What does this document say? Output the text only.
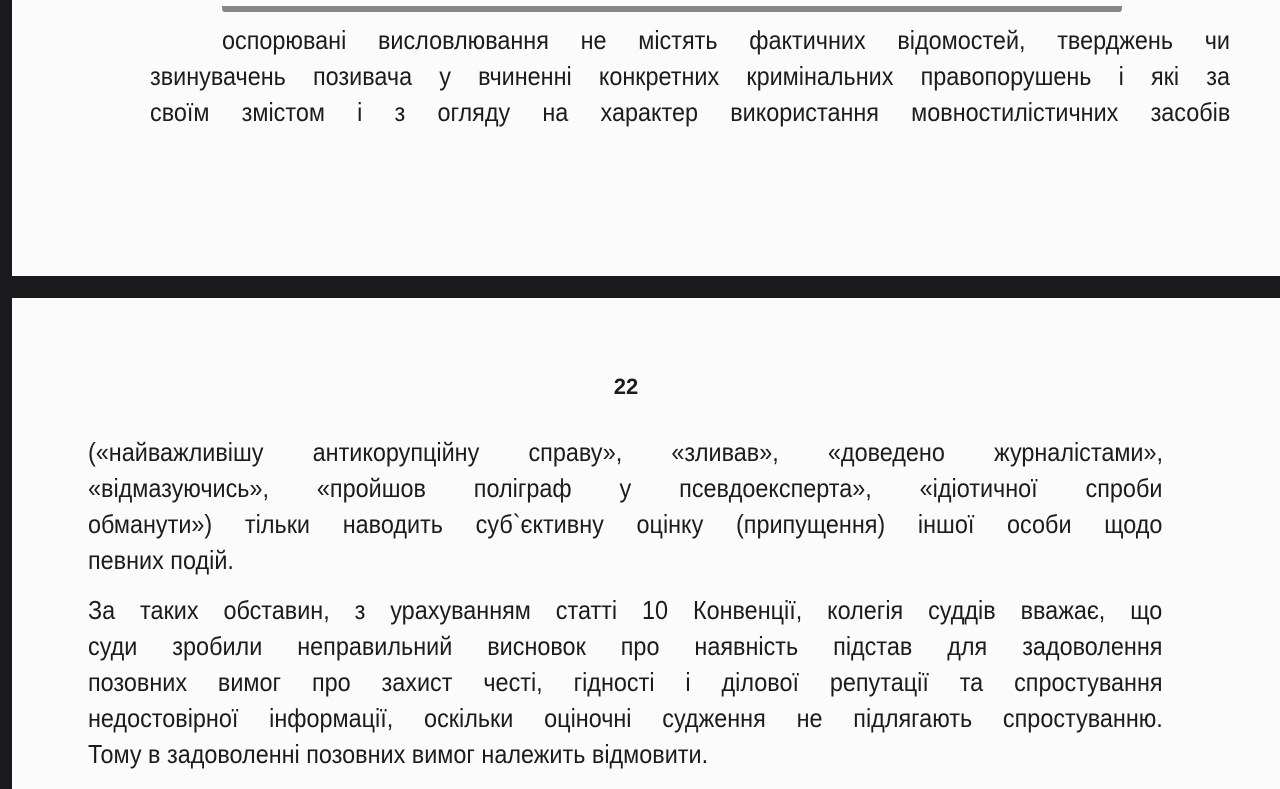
оспорювані висловлювання не містять фактичних відомостей, тверджень чи
звинувачень позивача у вчиненні конкретних кримінальних правопорушень і які за
своїм змістом і з огляду на характер використання мовностилістичних засобів
22
(«найважливішу антикорупційну справу», «зливав», «доведено журналістами»,
«відмазуючись», «пройшов поліграф у псевдоексперта», «ідіотичної спроби
обманути») тільки наводить суб`єктивну оцінку (припущення) іншої особи щодо
певних подій.
За таких обставин, з урахуванням статті 10 Конвенції, колегія суддів вважає, що
суди зробили неправильний висновок про наявність підстав для задоволення
позовних вимог про захист честі, гідності і ділової репутації та спростування
недостовірної інформації, оскільки оціночні судження не підлягають спростуванню.
Тому в задоволенні позовних вимог належить відмовити.
